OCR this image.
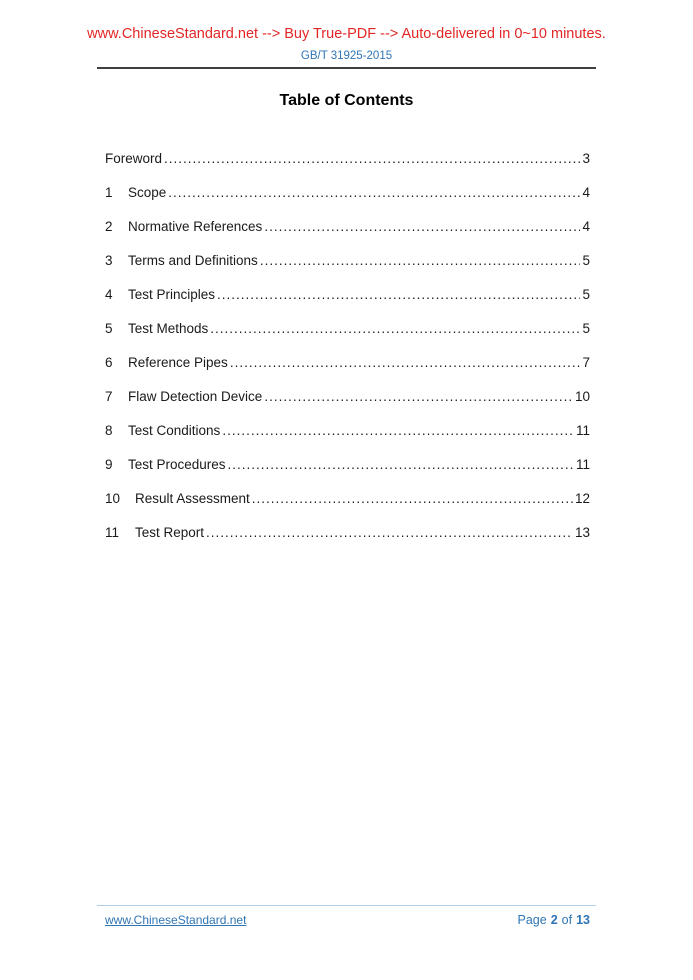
www.ChineseStandard.net --> Buy True-PDF --> Auto-delivered in 0~10 minutes.
GB/T 31925-2015
Table of Contents
Foreword .....	3
1	Scope .....	4
2	Normative References .....	4
3	Terms and Definitions .....	5
4	Test Principles .....	5
5	Test Methods .....	5
6	Reference Pipes .....	7
7	Flaw Detection Device .....	10
8	Test Conditions .....	11
9	Test Procedures .....	11
10	Result Assessment .....	12
11	Test Report .....	13
www.ChineseStandard.net	Page 2 of 13
